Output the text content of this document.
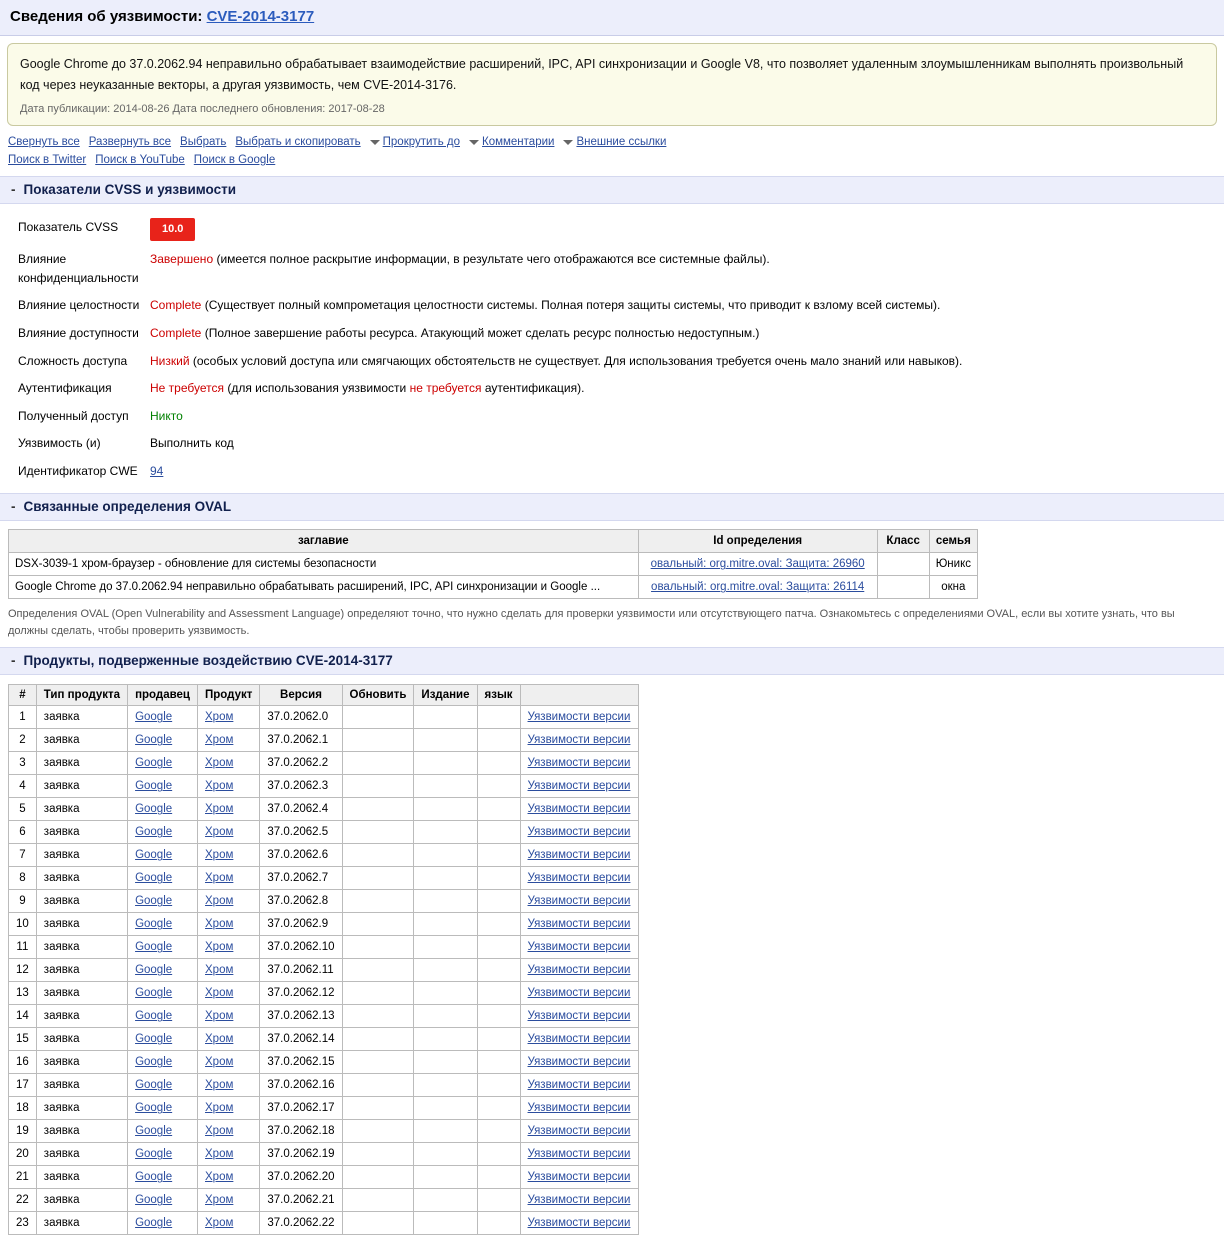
Сведения об уязвимости: CVE-2014-3177
Google Chrome до 37.0.2062.94 неправильно обрабатывает взаимодействие расширений, IPC, API синхронизации и Google V8, что позволяет удаленным злоумышленникам выполнять произвольный код через неуказанные векторы, а другая уязвимость, чем CVE-2014-3176.
Дата публикации: 2014-08-26 Дата последнего обновления: 2017-08-28
Свернуть все Развернуть все Выбрать Выбрать и скопировать Прокрутить до Комментарии Внешние ссылки
Поиск в Twitter Поиск в YouTube Поиск в Google
- Показатели CVSS и уязвимости
Показатель CVSS	10.0
Влияние конфиденциальности	Завершено (имеется полное раскрытие информации, в результате чего отображаются все системные файлы).
Влияние целостности	Complete (Существует полный компрометация целостности системы. Полная потеря защиты системы, что приводит к взлому всей системы).
Влияние доступности	Complete (Полное завершение работы ресурса. Атакующий может сделать ресурс полностью недоступным.)
Сложность доступа	Низкий (особых условий доступа или смягчающих обстоятельств не существует. Для использования требуется очень мало знаний или навыков).
Аутентификация	Не требуется (для использования уязвимости не требуется аутентификация).
Полученный доступ	Никто
Уязвимость (и)	Выполнить код
Идентификатор CWE	94
- Связанные определения OVAL
заглавие	Id определения	Класс	семья
DSX-3039-1 хром-браузер - обновление для системы безопасности	овальный: org.mitre.oval: Защита: 26960		Юникс
Google Chrome до 37.0.2062.94 неправильно обрабатывать расширений, IPC, API синхронизации и Google ...	овальный: org.mitre.oval: Защита: 26114		окна
Определения OVAL (Open Vulnerability and Assessment Language) определяют точно, что нужно сделать для проверки уязвимости или отсутствующего патча. Ознакомьтесь с определениями OVAL, если вы хотите узнать, что вы должны сделать, чтобы проверить уязвимость.
- Продукты, подверженные воздействию CVE-2014-3177
#	Тип продукта	продавец	Продукт	Версия	Обновить	Издание	язык	
1	заявка	Google	Хром	37.0.2062.0				Уязвимости версии
2	заявка	Google	Хром	37.0.2062.1				Уязвимости версии
3	заявка	Google	Хром	37.0.2062.2				Уязвимости версии
4	заявка	Google	Хром	37.0.2062.3				Уязвимости версии
5	заявка	Google	Хром	37.0.2062.4				Уязвимости версии
6	заявка	Google	Хром	37.0.2062.5				Уязвимости версии
7	заявка	Google	Хром	37.0.2062.6				Уязвимости версии
8	заявка	Google	Хром	37.0.2062.7				Уязвимости версии
9	заявка	Google	Хром	37.0.2062.8				Уязвимости версии
10	заявка	Google	Хром	37.0.2062.9				Уязвимости версии
11	заявка	Google	Хром	37.0.2062.10				Уязвимости версии
12	заявка	Google	Хром	37.0.2062.11				Уязвимости версии
13	заявка	Google	Хром	37.0.2062.12				Уязвимости версии
14	заявка	Google	Хром	37.0.2062.13				Уязвимости версии
15	заявка	Google	Хром	37.0.2062.14				Уязвимости версии
16	заявка	Google	Хром	37.0.2062.15				Уязвимости версии
17	заявка	Google	Хром	37.0.2062.16				Уязвимости версии
18	заявка	Google	Хром	37.0.2062.17				Уязвимости версии
19	заявка	Google	Хром	37.0.2062.18				Уязвимости версии
20	заявка	Google	Хром	37.0.2062.19				Уязвимости версии
21	заявка	Google	Хром	37.0.2062.20				Уязвимости версии
22	заявка	Google	Хром	37.0.2062.21				Уязвимости версии
23	заявка	Google	Хром	37.0.2062.22				Уязвимости версии
